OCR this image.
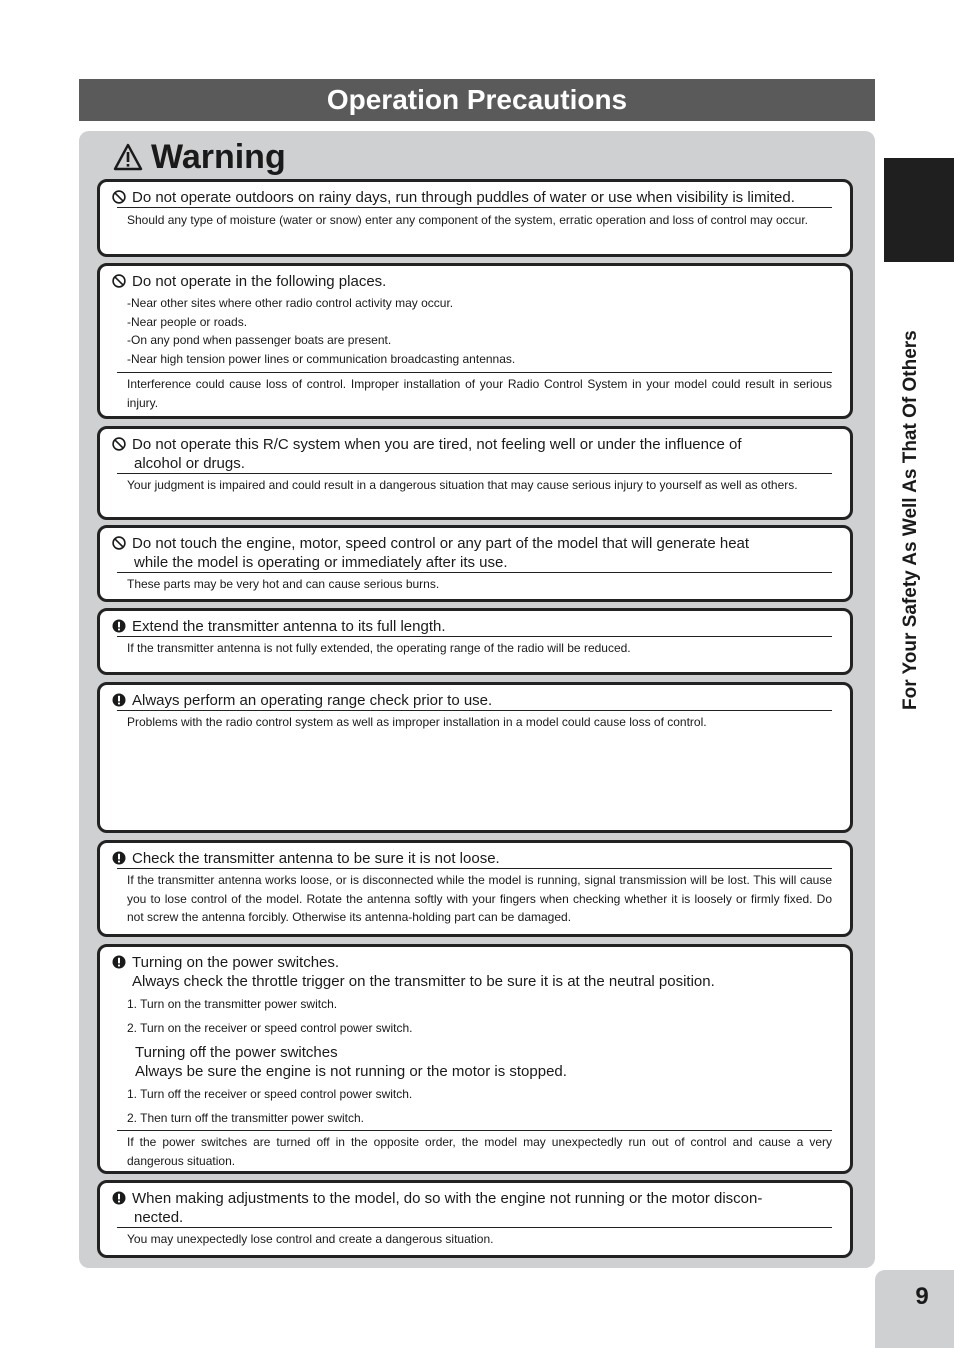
Operation Precautions
Warning
Do not operate outdoors on rainy days, run through puddles of water or use when visibility is limited.
Should any type of moisture (water or snow) enter any component of the system, erratic operation and loss of control may occur.
Do not operate in the following places.
-Near other sites where other radio control activity may occur.
-Near people or roads.
-On any pond when passenger boats are present.
-Near high tension power lines or communication broadcasting antennas.
Interference could cause loss of control. Improper installation of your Radio Control System in your model could result in serious injury.
Do not operate this R/C system when you are tired, not feeling well or under the influence of
alcohol or drugs.
Your judgment is impaired and could result in a dangerous situation that may cause serious injury to yourself as well as others.
Do not touch the engine, motor, speed control or any part of the model that will generate heat
while the model is operating or immediately after its use.
These parts may be very hot and can cause serious burns.
Extend the transmitter antenna to its full length.
If the transmitter antenna is not fully extended, the operating range of the radio will be reduced.
Always perform an operating range check prior to use.
Problems with the radio control system as well as improper installation in a model could cause loss of control.
Check the transmitter antenna to be sure it is not loose.
If the transmitter antenna works loose, or is disconnected while the model is running, signal transmission will be lost. This will cause you to lose control of the model. Rotate the antenna softly with your fingers when checking whether it is loosely or firmly fixed. Do not screw the antenna forcibly. Otherwise its antenna-holding part can be damaged.
Turning on the power switches.
Always check the throttle trigger on the transmitter to be sure it is at the neutral position.
1. Turn on the transmitter power switch.
2. Turn on the receiver or speed control power switch.
Turning off the power switches
Always be sure the engine is not running or the motor is stopped.
1. Turn off the receiver or speed control power switch.
2. Then turn off the transmitter power switch.
If the power switches are turned off in the opposite order, the model may unexpectedly run out of control and cause a very dangerous situation.
When making adjustments to the model, do so with the engine not running or the motor discon-
nected.
You may unexpectedly lose control and create a dangerous situation.
For Your Safety As Well As That Of Others
9
